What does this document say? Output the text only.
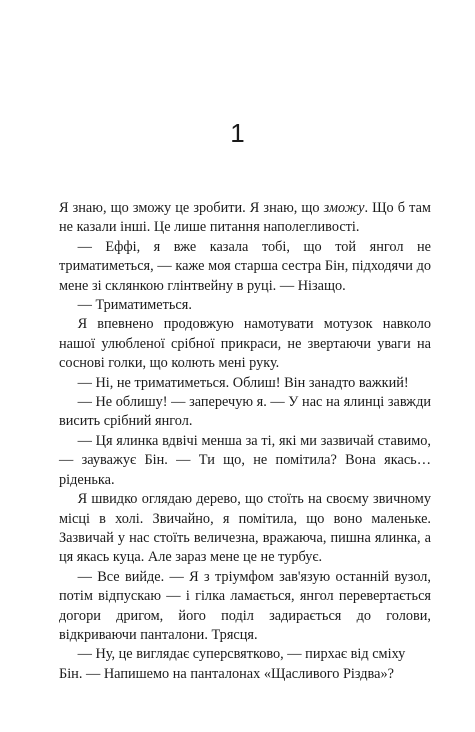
1

Я знаю, що зможу це зробити. Я знаю, що зможу. Що б там не казали інші. Це лише питання наполегливості.

— Еффі, я вже казала тобі, що той янгол не триматиметься, — каже моя старша сестра Бін, підходячи до мене зі склянкою глінтвейну в руці. — Нізащо.

— Триматиметься.

Я впевнено продовжую намотувати мотузок навколо нашої улюбленої срібної прикраси, не звертаючи уваги на соснові голки, що колють мені руку.

— Ні, не триматиметься. Облиш! Він занадто важкий!

— Не облишу! — заперечую я. — У нас на ялинці завжди висить срібний янгол.

— Ця ялинка вдвічі менша за ті, які ми зазвичай ставимо, — зауважує Бін. — Ти що, не помітила? Вона якась… ріденька.

Я швидко оглядаю дерево, що стоїть на своєму звичному місці в холі. Звичайно, я помітила, що воно маленьке. Зазвичай у нас стоїть величезна, вражаюча, пишна ялинка, а ця якась куца. Але зараз мене це не турбує.

— Все вийде. — Я з тріумфом зав'язую останній вузол, потім відпускаю — і гілка ламається, янгол перевертається догори дригом, його поділ задирається до голови, відкриваючи панталони. Трясця.

— Ну, це виглядає суперсвятково, — пирхає від сміху Бін. — Напишемо на панталонах «Щасливого Різдва»?
